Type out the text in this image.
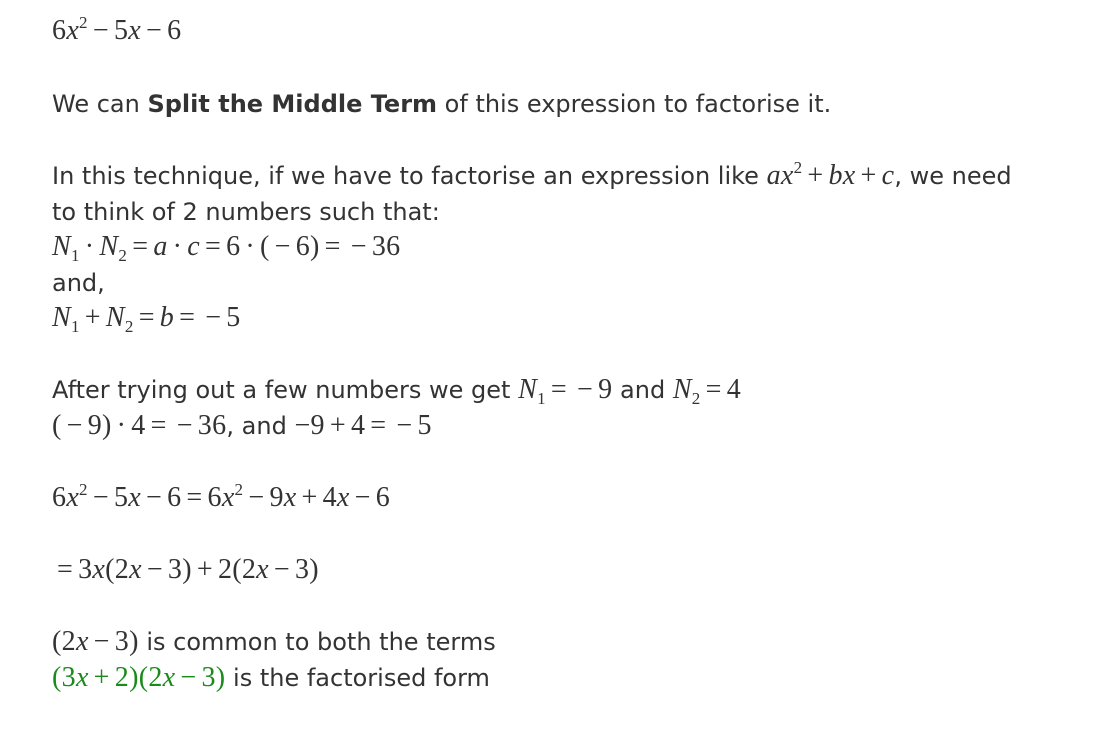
$6x^2 - 5x - 6$
We can Split the Middle Term of this expression to factorise it.
In this technique, if we have to factorise an expression like $ax^2$ + bx + c, we need
to think of 2 numbers such that:
$N_1 \cdot N_2 = a \cdot c = 6$ · ( − 6) = − 36
and,
$N_1 + N_2 = b$ = − 5
After trying out a few numbers we get $N_1$ = − 9 and $N_2 = 4$
( − 9) · 4 = − 36, and −9 + 4 = − 5
$6x^2 - 5x - 6 = 6x^2 - 9x + 4x - 6$
= 3x(2x − 3) + 2(2x − 3)
(2x − 3) is common to both the terms
(3x + 2)(2x − 3) is the factorised form
